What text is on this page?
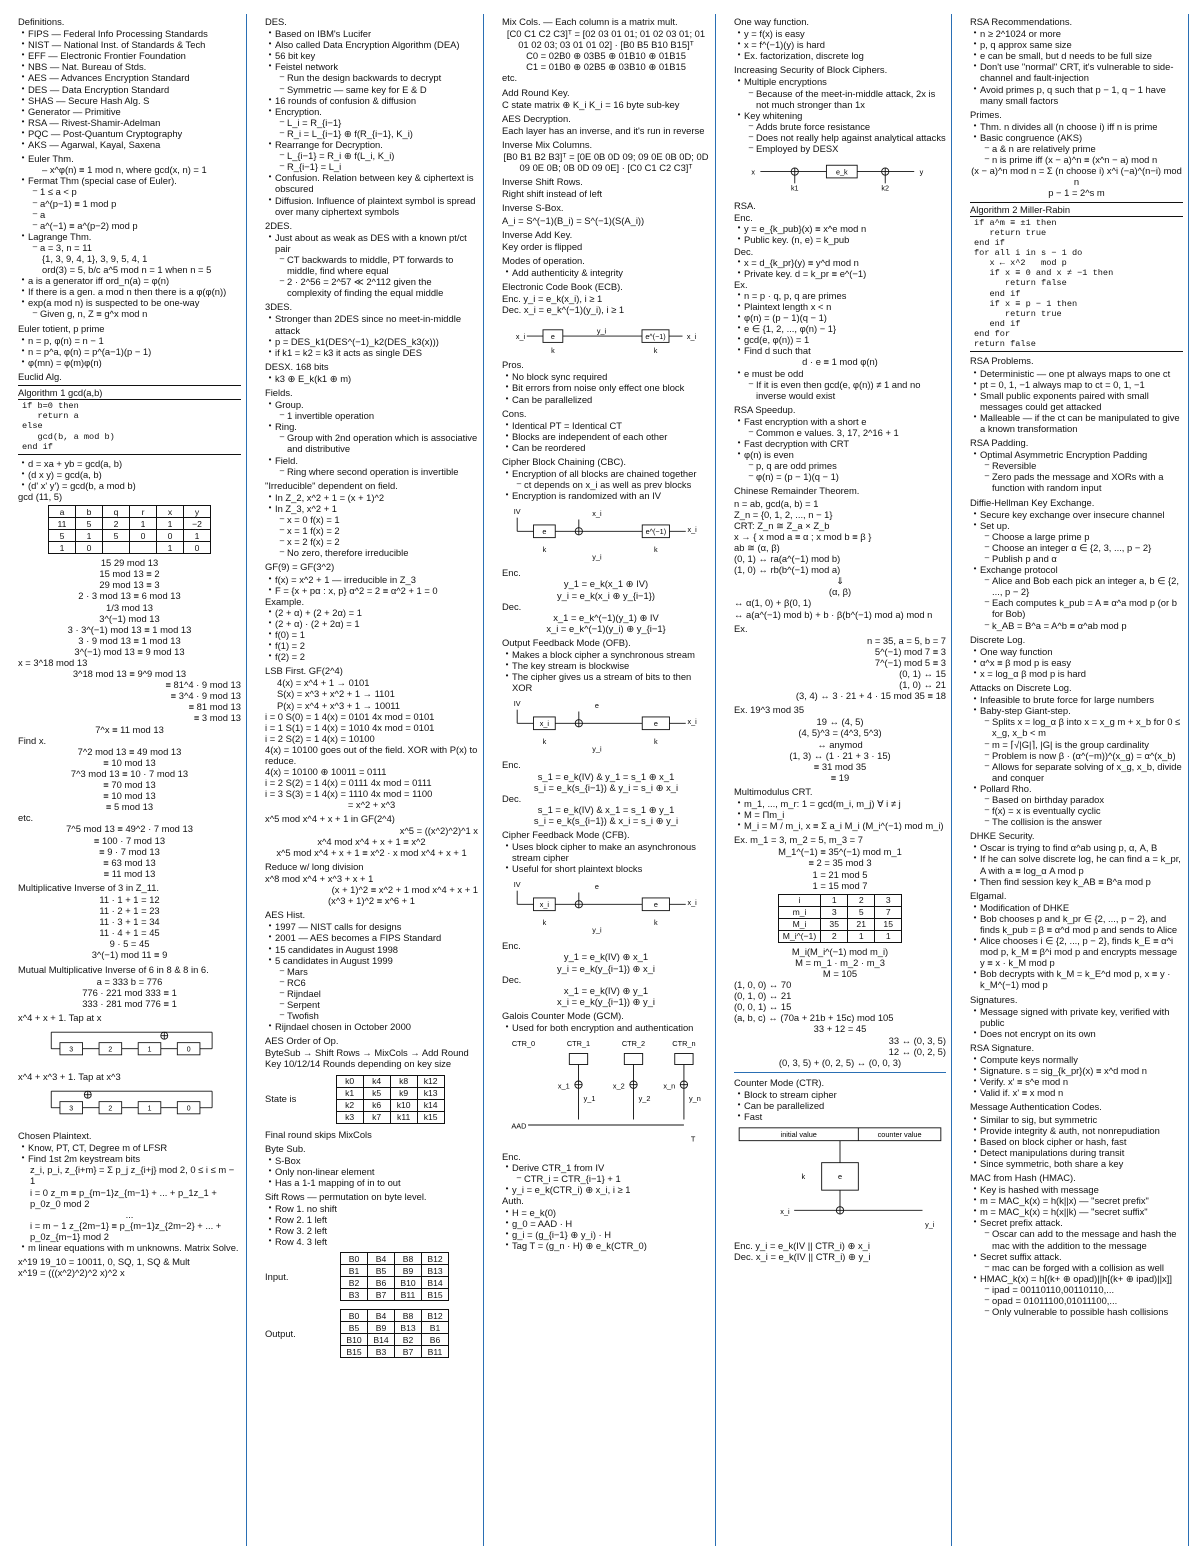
Definitions.
• FIPS — Federal Info Processing Standards
• NIST — National Inst. of Standards & Tech
• EFF — Electronic Frontier Foundation
• NBS — Nat. Bureau of Stds.
• AES — Advances Encryption Standard
• DES — Data Encryption Standard
• SHAS — Secure Hash Alg. S
• Generator — Primitive
• RSA — Rivest-Shamir-Adelman
• PQC — Post-Quantum Cryptography
• AKS — Agarwal, Kayal, Saxena
• Euler Thm.
– x^φ(n) ≡ 1 mod n, where gcd(x, n) = 1
• Fermat Thm (special case of Euler).
– 1 ≤ a < p
– a^(p−1) ≡ 1 mod p
– a
– a^(−1) ≡ a^(p−2) mod p
• Lagrange Thm.
– a = 3, n = 11
{1, 3, 9, 4, 1}, 3, 9, 5, 4, 1
ord(3) = 5, b/c a^5 mod n = 1 when n = 5
• a is a generator iff ord_n(a) = φ(n)
• If there is a gen. a mod n then there is a φ(φ(n))
• exp(a mod n) is suspected to be one-way
– Given g, n, Z ≡ g^x mod n
Euler totient, p prime
• n = p, φ(n) = n − 1
• n = p^a, φ(n) = p^(a−1)(p − 1)
• φ(mn) = φ(m)φ(n)
Euclid Alg.
Algorithm 1 gcd(a,b)
if b=0 then
return a
else
gcd(b, a mod b)
end if
• d = xa + yb = gcd(a, b)
• (d x y) = gcd(a, b)
• (d' x' y') = gcd(b, a mod b)
gcd (11, 5)
a	b	q	r	x	y
11	5	2	1	1	−2
5	1	5	0	0	1
1	0			1	0
15 29 mod 13
15 mod 13 ≡ 2
29 mod 13 ≡ 3
2 · 3 mod 13 ≡ 6 mod 13
1/3 mod 13
3^(−1) mod 13
3 · 3^(−1) mod 13 ≡ 1 mod 13
3 · 9 mod 13 ≡ 1 mod 13
3^(−1) mod 13 ≡ 9 mod 13
x = 3^18 mod 13
3^18 mod 13 ≡ 9^9 mod 13
≡ 81^4 · 9 mod 13
≡ 3^4 · 9 mod 13
≡ 81 mod 13
≡ 3 mod 13
7^x ≡ 11 mod 13
Find x.
7^2 mod 13 ≡ 49 mod 13
≡ 10 mod 13
7^3 mod 13 ≡ 10 · 7 mod 13
≡ 70 mod 13
≡ 10 mod 13
≡ 5 mod 13
etc.
7^5 mod 13 ≡ 49^2 · 7 mod 13
≡ 100 · 7 mod 13
≡ 9 · 7 mod 13
≡ 63 mod 13
≡ 11 mod 13
Multiplicative Inverse of 3 in Z_11.
11 · 1 + 1 = 12
11 · 2 + 1 = 23
11 · 3 + 1 = 34
11 · 4 + 1 = 45
9 · 5 = 45
3^(−1) mod 11 ≡ 9
Mutual Multiplicative Inverse of 6 in 8 & 8 in 6.
a = 333 b = 776
776 · 221 mod 333 ≡ 1
333 · 281 mod 776 ≡ 1
x^4 + x + 1. Tap at x
3	2	1	0
x^4 + x^3 + 1. Tap at x^3
3	2	1	0
Chosen Plaintext.
• Know, PT, CT, Degree m of LFSR
• Find 1st 2m keystream bits
z_i, p_i, z_{i+m} = Σ p_j z_{i+j} mod 2, 0 ≤ i ≤ m − 1
i = 0 z_m ≡ p_{m−1}z_{m−1} + ... + p_1z_1 + p_0z_0 mod 2
...
i = m − 1 z_{2m−1} ≡ p_{m−1}z_{2m−2} + ... + p_0z_{m−1} mod 2
• m linear equations with m unknowns. Matrix Solve.
x^19 19_10 = 10011, 0, SQ, 1, SQ & Mult
x^19 = (((x^2)^2)^2 x)^2 x
DES.
• Based on IBM's Lucifer
• Also called Data Encryption Algorithm (DEA)
• 56 bit key
• Feistel network
– Run the design backwards to decrypt
– Symmetric — same key for E & D
• 16 rounds of confusion & diffusion
• Encryption.
– L_i = R_{i−1}
– R_i = L_{i−1} ⊕ f(R_{i−1}, K_i)
• Rearrange for Decryption.
– L_{i−1} = R_i ⊕ f(L_i, K_i)
– R_{i−1} = L_i
• Confusion. Relation between key & ciphertext is obscured
• Diffusion. Influence of plaintext symbol is spread over many ciphertext symbols
2DES.
• Just about as weak as DES with a known pt/ct pair
– CT backwards to middle, PT forwards to middle, find where equal
– 2 · 2^56 = 2^57 ≪ 2^112 given the complexity of finding the equal middle
3DES.
• Stronger than 2DES since no meet-in-middle attack
• p = DES_k1(DES^(−1)_k2(DES_k3(x)))
• if k1 = k2 = k3 it acts as single DES
DESX. 168 bits
• k3 ⊕ E_k(k1 ⊕ m)
Fields.
• Group.
– 1 invertible operation
• Ring.
– Group with 2nd operation which is associative and distributive
• Field.
– Ring where second operation is invertible
"Irreducible" dependent on field.
• In Z_2, x^2 + 1 = (x + 1)^2
• In Z_3, x^2 + 1
– x = 0 f(x) = 1
– x = 1 f(x) = 2
– x = 2 f(x) = 2
– No zero, therefore irreducible
GF(9) = GF(3^2)
• f(x) = x^2 + 1 — irreducible in Z_3
• F = {x + pα : x, p} α^2 = 2 ≡ α^2 + 1 = 0
Example.
• (2 + α) + (2 + 2α) = 1
• (2 + α) · (2 + 2α) = 1
• f(0) = 1
• f(1) = 2
• f(2) = 2
LSB First. GF(2^4)
4(x) = x^4 + 1 → 0101
S(x) = x^3 + x^2 + 1 → 1101
P(x) = x^4 + x^3 + 1 → 10011
i = 0 S(0) = 1 4(x) = 0101 4x mod = 0101
i = 1 S(1) = 1 4(x) = 1010 4x mod = 0101
i = 2 S(2) = 1 4(x) = 10100
4(x) = 10100 goes out of the field. XOR with P(x) to reduce.
4(x) = 10100 ⊕ 10011 = 0111
i = 2 S(2) = 1 4(x) = 0111 4x mod = 0111
i = 3 S(3) = 1 4(x) = 1110 4x mod = 1100
= x^2 + x^3
x^5 mod x^4 + x + 1 in GF(2^4)
x^5 = ((x^2)^2)^1 x
x^4 mod x^4 + x + 1 ≡ x^2
x^5 mod x^4 + x + 1 ≡ x^2 · x mod x^4 + x + 1
Reduce w/ long division
x^8 mod x^4 + x^3 + x + 1
(x + 1)^2 ≡ x^2 + 1 mod x^4 + x + 1
(x^3 + 1)^2 ≡ x^6 + 1
AES Hist.
• 1997 — NIST calls for designs
• 2001 — AES becomes a FIPS Standard
• 15 candidates in August 1998
• 5 candidates in August 1999
– Mars
– RC6
– Rijndael
– Serpent
– Twofish
• Rijndael chosen in October 2000
AES Order of Op.
ByteSub → Shift Rows → MixCols → Add Round Key 10/12/14 Rounds depending on key size
State is
k0	k4	k8	k12
k1	k5	k9	k13
k2	k6	k10	k14
k3	k7	k11	k15
Final round skips MixCols
Byte Sub.
• S-Box
• Only non-linear element
• Has a 1-1 mapping of in to out
Sift Rows — permutation on byte level.
• Row 1. no shift
• Row 2. 1 left
• Row 3. 2 left
• Row 4. 3 left
Input.
B0	B4	B8	B12
B1	B5	B9	B13
B2	B6	B10	B14
B3	B7	B11	B15
Output.
B0	B4	B8	B12
B5	B9	B13	B1
B10	B14	B2	B6
B15	B3	B7	B11
Mix Cols. — Each column is a matrix mult.
[C0 C1 C2 C3]ᵀ = [02 03 01 01; 01 02 03 01; 01 01 02 03; 03 01 01 02] · [B0 B5 B10 B15]ᵀ
C0 = 02B0 ⊕ 03B5 ⊕ 01B10 ⊕ 01B15
C1 = 01B0 ⊕ 02B5 ⊕ 03B10 ⊕ 01B15
etc.
Add Round Key.
C state matrix ⊕ K_i K_i = 16 byte sub-key
AES Decryption.
Each layer has an inverse, and it's run in reverse
Inverse Mix Columns.
[B0 B1 B2 B3]ᵀ = [0E 0B 0D 09; 09 0E 0B 0D; 0D 09 0E 0B; 0B 0D 09 0E] · [C0 C1 C2 C3]ᵀ
Inverse Shift Rows.
Right shift instead of left
Inverse S-Box.
A_i = S^(−1)(B_i) = S^(−1)(S(A_i))
Inverse Add Key.
Key order is flipped
Modes of operation.
• Add authenticity & integrity
Electronic Code Book (ECB).
Enc. y_i = e_k(x_i), i ≥ 1
Dec. x_i = e_k^(−1)(y_i), i ≥ 1
x_i	e
y_i
e^(−1)	x_i
k	k
Pros.
• No block sync required
• Bit errors from noise only effect one block
• Can be parallelized
Cons.
• Identical PT = Identical CT
• Blocks are independent of each other
• Can be reordered
Cipher Block Chaining (CBC).
• Encryption of all blocks are chained together
– ct depends on x_i as well as prev blocks
• Encryption is randomized with an IV
IV
e
x_i
y_i
e^(−1)	x_i
k	k
Enc.
y_1 = e_k(x_1 ⊕ IV)
y_i = e_k(x_i ⊕ y_{i−1})
Dec.
x_1 = e_k^(−1)(y_1) ⊕ IV
x_i = e_k^(−1)(y_i) ⊕ y_{i−1}
Output Feedback Mode (OFB).
• Makes a block cipher a synchronous stream
• The key stream is blockwise
• The cipher gives us a stream of bits to then XOR
IV
x_i
e
y_i
e	x_i
k	k
Enc.
s_1 = e_k(IV) & y_1 = s_1 ⊕ x_1
s_i = e_k(s_{i−1}) & y_i = s_i ⊕ x_i
Dec.
s_1 = e_k(IV) & x_1 = s_1 ⊕ y_1
s_i = e_k(s_{i−1}) & x_i = s_i ⊕ y_i
Cipher Feedback Mode (CFB).
• Uses block cipher to make an asynchronous stream cipher
• Useful for short plaintext blocks
IV
x_i
e
y_i
e	x_i
k	k
Enc.
y_1 = e_k(IV) ⊕ x_1
y_i = e_k(y_{i−1}) ⊕ x_i
Dec.
x_1 = e_k(IV) ⊕ y_1
x_i = e_k(y_{i−1}) ⊕ y_i
Galois Counter Mode (GCM).
• Used for both encryption and authentication
CTR_0	CTR_1	CTR_2	CTR_n
x_1
y_1
x_2
y_2
x_n
y_n
AAD
T
Enc.
• Derive CTR_1 from IV
– CTR_i = CTR_{i−1} + 1
• y_i = e_k(CTR_i) ⊕ x_i, i ≥ 1
Auth.
• H = e_k(0)
• g_0 = AAD · H
• g_i = (g_{i−1} ⊕ y_i) · H
• Tag T = (g_n · H) ⊕ e_k(CTR_0)
One way function.
• y = f(x) is easy
• x = f^(−1)(y) is hard
• Ex. factorization, discrete log
Increasing Security of Block Ciphers.
• Multiple encryptions
– Because of the meet-in-middle attack, 2x is not much stronger than 1x
• Key whitening
– Adds brute force resistance
– Does not really help against analytical attacks
– Employed by DESX
x	e_k	y
k1	k2
RSA.
Enc.
• y = e_{k_pub}(x) ≡ x^e mod n
• Public key. (n, e) = k_pub
Dec.
• x = d_{k_pr}(y) ≡ y^d mod n
• Private key. d = k_pr ≡ e^(−1)
Ex.
• n = p · q, p, q are primes
• Plaintext length x < n
• φ(n) = (p − 1)(q − 1)
• e ∈ {1, 2, ..., φ(n) − 1}
• gcd(e, φ(n)) = 1
• Find d such that
d · e ≡ 1 mod φ(n)
• e must be odd
– If it is even then gcd(e, φ(n)) ≠ 1 and no inverse would exist
RSA Speedup.
• Fast encryption with a short e
– Common e values. 3, 17, 2^16 + 1
• Fast decryption with CRT
• φ(n) is even
– p, q are odd primes
– φ(n) = (p − 1)(q − 1)
Chinese Remainder Theorem.
n = ab, gcd(a, b) = 1
Z_n = {0, 1, 2, ..., n − 1}
CRT: Z_n ≅ Z_a × Z_b
x → { x mod a ≡ α ; x mod b ≡ β }
ab ≅ (α, β)
(0, 1) ↔ ra(a^(−1) mod b)
(1, 0) ↔ rb(b^(−1) mod a)
⇓
(α, β)
↔ α(1, 0) + β(0, 1)
↔ a(a^(−1) mod b) + b · β(b^(−1) mod a) mod n
Ex.
n = 35, a = 5, b = 7
5^(−1) mod 7 ≡ 3
7^(−1) mod 5 ≡ 3
(0, 1) ↔ 15
(1, 0) ↔ 21
(3, 4) ↔ 3 · 21 + 4 · 15 mod 35 ≡ 18
Ex. 19^3 mod 35
19 ↔ (4, 5)
(4, 5)^3 = (4^3, 5^3)
↔ anymod
(1, 3) ↔ (1 · 21 + 3 · 15)
≡ 31 mod 35
≡ 19
Multimodulus CRT.
• m_1, ..., m_r: 1 = gcd(m_i, m_j) ∀ i ≠ j
• M = Πm_i
• M_i = M / m_i, x ≡ Σ a_i M_i (M_i^(−1) mod m_i)
Ex. m_1 = 3, m_2 = 5, m_3 = 7
M_1^(−1) ≡ 35^(−1) mod m_1
≡ 2 = 35 mod 3
1 = 21 mod 5
1 = 15 mod 7
i	1	2	3
m_i	3	5	7
M_i	35	21	15
M_i^(−1)	2	1	1
M_i(M_i^(−1) mod m_i)
M = m_1 · m_2 · m_3
M = 105
(1, 0, 0) ↔ 70
(0, 1, 0) ↔ 21
(0, 0, 1) ↔ 15
(a, b, c) ↔ (70a + 21b + 15c) mod 105
33 + 12 = 45
33 ↔ (0, 3, 5)
12 ↔ (0, 2, 5)
(0, 3, 5) + (0, 2, 5) ↔ (0, 0, 3)
Counter Mode (CTR).
• Block to stream cipher
• Can be parallelized
• Fast
initial value	counter value
e
k
x_i
y_i
Enc. y_i = e_k(IV || CTR_i) ⊕ x_i
Dec. x_i = e_k(IV || CTR_i) ⊕ y_i
RSA Recommendations.
• n ≥ 2^1024 or more
• p, q approx same size
• e can be small, but d needs to be full size
• Don't use "normal" CRT, it's vulnerable to side-channel and fault-injection
• Avoid primes p, q such that p − 1, q − 1 have many small factors
Primes.
• Thm. n divides all (n choose i) iff n is prime
• Basic congruence (AKS)
– a & n are relatively prime
– n is prime iff (x − a)^n ≡ (x^n − a) mod n
(x − a)^n mod n = Σ (n choose i) x^i (−a)^(n−i) mod n
p − 1 = 2^s m
Algorithm 2 Miller-Rabin
if a^m ≡ ±1 then
return true
end if
for all i in s − 1 do
x ← x^2   mod p
if x ≡ 0 and x ≠ −1 then
return false
end if
if x ≡ p − 1 then
return true
end if
end for
return false
RSA Problems.
• Deterministic — one pt always maps to one ct
• pt = 0, 1, −1 always map to ct = 0, 1, −1
• Small public exponents paired with small messages could get attacked
• Malleable — if the ct can be manipulated to give a known transformation
RSA Padding.
• Optimal Asymmetric Encryption Padding
– Reversible
– Zero pads the message and XORs with a function with random input
Diffie-Hellman Key Exchange.
• Secure key exchange over insecure channel
• Set up.
– Choose a large prime p
– Choose an integer α ∈ {2, 3, ..., p − 2}
– Publish p and α
• Exchange protocol
– Alice and Bob each pick an integer a, b ∈ {2, ..., p − 2}
– Each computes k_pub = A ≡ α^a mod p (or b for Bob)
– k_AB = B^a = A^b ≡ α^ab mod p
Discrete Log.
• One way function
• α^x ≡ β mod p is easy
• x = log_α β mod p is hard
Attacks on Discrete Log.
• Infeasible to brute force for large numbers
• Baby-step Giant-step.
– Splits x = log_α β into x = x_g m + x_b for 0 ≤ x_g, x_b < m
– m = ⌈√|G|⌉, |G| is the group cardinality
– Problem is now β · (α^(−m))^(x_g) = α^(x_b)
– Allows for separate solving of x_g, x_b, divide and conquer
• Pollard Rho.
– Based on birthday paradox
– f(x) = x is eventually cyclic
– The collision is the answer
DHKE Security.
• Oscar is trying to find α^ab using p, α, A, B
• If he can solve discrete log, he can find a = k_pr, A with a ≡ log_α A mod p
• Then find session key k_AB ≡ B^a mod p
Elgamal.
• Modification of DHKE
• Bob chooses p and k_pr ∈ {2, ..., p − 2}, and finds k_pub = β ≡ α^d mod p and sends to Alice
• Alice chooses i ∈ {2, ..., p − 2}, finds k_E ≡ α^i mod p, k_M ≡ β^i mod p and encrypts message y ≡ x · k_M mod p
• Bob decrypts with k_M = k_E^d mod p, x ≡ y · k_M^(−1) mod p
Signatures.
• Message signed with private key, verified with public
• Does not encrypt on its own
RSA Signature.
• Compute keys normally
• Signature. s = sig_{k_pr}(x) ≡ x^d mod n
• Verify. x' ≡ s^e mod n
• Valid if. x' ≡ x mod n
Message Authentication Codes.
• Similar to sig, but symmetric
• Provide integrity & auth, not nonrepudiation
• Based on block cipher or hash, fast
• Detect manipulations during transit
• Since symmetric, both share a key
MAC from Hash (HMAC).
• Key is hashed with message
• m = MAC_k(x) = h(k||x) — "secret prefix"
• m = MAC_k(x) = h(x||k) — "secret suffix"
• Secret prefix attack.
– Oscar can add to the message and hash the mac with the addition to the message
• Secret suffix attack.
– mac can be forged with a collision as well
• HMAC_k(x) = h[(k+ ⊕ opad)||h[(k+ ⊕ ipad)||x]]
– ipad = 00110110,00110110,...
– opad = 01011100,01011100,...
– Only vulnerable to possible hash collisions
